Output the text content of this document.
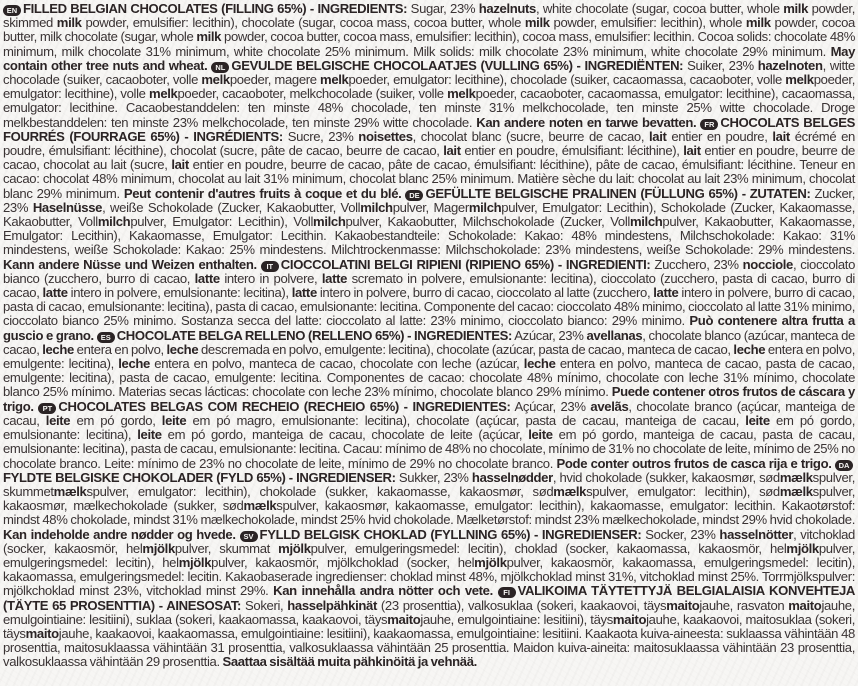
EN FILLED BELGIAN CHOCOLATES (FILLING 65%) - INGREDIENTS: Sugar, 23% hazelnuts, white chocolate (sugar, cocoa butter, whole milk powder, skimmed milk powder, emulsifier: lecithin), chocolate (sugar, cocoa mass, cocoa butter, whole milk powder, emulsifier: lecithin), whole milk powder, cocoa butter, milk chocolate (sugar, whole milk powder, cocoa butter, cocoa mass, emulsifier: lecithin), cocoa mass, emulsifier: lecithin. Cocoa solids: chocolate 48% minimum, milk chocolate 31% minimum, white chocolate 25% minimum. Milk solids: milk chocolate 23% minimum, white chocolate 29% minimum. May contain other tree nuts and wheat. NL GEVULDE BELGISCHE CHOCOLAATJES (VULLING 65%) - INGREDIËNTEN: Suiker, 23% hazelnoten, witte chocolade (suiker, cacaoboter, volle melkpoeder, magere melkpoeder, emulgator: lecithine), chocolade (suiker, cacaomassa, cacaoboter, volle melkpoeder, emulgator: lecithine), volle melkpoeder, cacaoboter, melkchocolade (suiker, volle melkpoeder, cacaoboter, cacaomassa, emulgator: lecithine), cacaomassa, emulgator: lecithine. Cacaobestanddelen: ten minste 48% chocolade, ten minste 31% melkchocolade, ten minste 25% witte chocolade. Droge melkbestanddelen: ten minste 23% melkchocolade, ten minste 29% witte chocolade. Kan andere noten en tarwe bevatten. FR CHOCOLATS BELGES FOURRÉS (FOURRAGE 65%) - INGRÉDIENTS: Sucre, 23% noisettes, chocolat blanc (sucre, beurre de cacao, lait entier en poudre, lait écrémé en poudre, émulsifiant: lécithine), chocolat (sucre, pâte de cacao, beurre de cacao, lait entier en poudre, émulsifiant: lécithine), lait entier en poudre, beurre de cacao, chocolat au lait (sucre, lait entier en poudre, beurre de cacao, pâte de cacao, émulsifiant: lécithine), pâte de cacao, émulsifiant: lécithine. Teneur en cacao: chocolat 48% minimum, chocolat au lait 31% minimum, chocolat blanc 25% minimum. Matière sèche du lait: chocolat au lait 23% minimum, chocolat blanc 29% minimum. Peut contenir d'autres fruits à coque et du blé. DE GEFÜLLTE BELGISCHE PRALINEN (FÜLLUNG 65%) - ZUTATEN: Zucker, 23% Haselnüsse, weiße Schokolade (Zucker, Kakaobutter, Vollmilchpulver, Magermilchpulver, Emulgator: Lecithin), Schokolade (Zucker, Kakaomasse, Kakaobutter, Vollmilchpulver, Emulgator: Lecithin), Vollmilchpulver, Kakaobutter, Milchschokolade (Zucker, Vollmilchpulver, Kakaobutter, Kakaomasse, Emulgator: Lecithin), Kakaomasse, Emulgator: Lecithin. Kakaobestandteile: Schokolade: Kakao: 48% mindestens, Milchschokolade: Kakao: 31% mindestens, weiße Schokolade: Kakao: 25% mindestens. Milchtrockenmasse: Milchschokolade: 23% mindestens, weiße Schokolade: 29% mindestens. Kann andere Nüsse und Weizen enthalten. IT CIOCCOLATINI BELGI RIPIENI (RIPIENO 65%) - INGREDIENTI: Zucchero, 23% nocciole, cioccolato bianco (zucchero, burro di cacao, latte intero in polvere, latte scremato in polvere, emulsionante: lecitina), cioccolato (zucchero, pasta di cacao, burro di cacao, latte intero in polvere, emulsionante: lecitina), latte intero in polvere, burro di cacao, cioccolato al latte (zucchero, latte intero in polvere, burro di cacao, pasta di cacao, emulsionante: lecitina), pasta di cacao, emulsionante: lecitina. Componente del cacao: cioccolato 48% minimo, cioccolato al latte 31% minimo, cioccolato bianco 25% minimo. Sostanza secca del latte: cioccolato al latte: 23% minimo, cioccolato bianco: 29% minimo. Può contenere altra frutta a guscio e grano. ES CHOCOLATE BELGA RELLENO (RELLENO 65%) - INGREDIENTES: Azúcar, 23% avellanas, chocolate blanco (azúcar, manteca de cacao, leche entera en polvo, leche descremada en polvo, emulgente: lecitina), chocolate (azúcar, pasta de cacao, manteca de cacao, leche entera en polvo, emulgente: lecitina), leche entera en polvo, manteca de cacao, chocolate con leche (azúcar, leche entera en polvo, manteca de cacao, pasta de cacao, emulgente: lecitina), pasta de cacao, emulgente: lecitina. Componentes de cacao: chocolate 48% mínimo, chocolate con leche 31% mínimo, chocolate blanco 25% mínimo. Materias secas lácticas: chocolate con leche 23% mínimo, chocolate blanco 29% mínimo. Puede contener otros frutos de cáscara y trigo. PT CHOCOLATES BELGAS COM RECHEIO (RECHEIO 65%) - INGREDIENTES: Açúcar, 23% avelãs, chocolate branco (açúcar, manteiga de cacau, leite em pó gordo, leite em pó magro, emulsionante: lecitina), chocolate (açúcar, pasta de cacau, manteiga de cacau, leite em pó gordo, emulsionante: lecitina), leite em pó gordo, manteiga de cacau, chocolate de leite (açúcar, leite em pó gordo, manteiga de cacau, pasta de cacau, emulsionante: lecitina), pasta de cacau, emulsionante: lecitina. Cacau: mínimo de 48% no chocolate, mínimo de 31% no chocolate de leite, mínimo de 25% no chocolate branco. Leite: mínimo de 23% no chocolate de leite, mínimo de 29% no chocolate branco. Pode conter outros frutos de casca rija e trigo. DAFYLDTE BELGISKE CHOKOLADER (FYLD 65%) - INGREDIENSER: Sukker, 23% hasselnødder, hvid chokolade (sukker, kakaosmør, sødmælkspulver, skummetmælkspulver, emulgator: lecithin), chokolade (sukker, kakaomasse, kakaosmør, sødmælkspulver, emulgator: lecithin), sødmælkspulver, kakaosmør, mælkechokolade (sukker, sødmælkspulver, kakaosmør, kakaomasse, emulgator: lecithin), kakaomasse, emulgator: lecithin. Kakaotørstof: mindst 48% chokolade, mindst 31% mælkechokolade, mindst 25% hvid chokolade. Mælketørstof: mindst 23% mælkechokolade, mindst 29% hvid chokolade. Kan indeholde andre nødder og hvede. SV FYLLD BELGISK CHOKLAD (FYLLNING 65%) - INGREDIENSER: Socker, 23% hasselnötter, vitchoklad (socker, kakaosmör, helmjölkpulver, skummat mjölkpulver, emulgeringsmedel: lecitin), choklad (socker, kakaomassa, kakaosmör, helmjölkpulver, emulgeringsmedel: lecitin), helmjölkpulver, kakaosmör, mjölkchoklad (socker, helmjölkpulver, kakaosmör, kakaomassa, emulgeringsmedel: lecitin), kakaomassa, emulgeringsmedel: lecitin. Kakaobaserade ingredienser: choklad minst 48%, mjölkchoklad minst 31%, vitchoklad minst 25%. Torrmjölkspulver: mjölkchoklad minst 23%, vitchoklad minst 29%. Kan innehålla andra nötter och vete. FI VALIKOIMA TÄYTETTYJÄ BELGIALAISIA KONVEHTEJA (TÄYTE 65 PROSENTTIA) - AINESOSAT: Sokeri, hasselpähkinät (23 prosenttia), valkosuklaa (sokeri, kaakaovoi, täysmaitojauhe, rasvaton maitojauhe, emulgointiaine: lesitiini), suklaa (sokeri, kaakaomassa, kaakaovoi, täysmaitojauhe, emulgointiaine: lesitiini), täysmaitojauhe, kaakaovoi, maitosuklaa (sokeri, täysmaitojauhe, kaakaovoi, kaakaomassa, emulgointiaine: lesitiini), kaakaomassa, emulgointiaine: lesitiini. Kaakaota kuiva-aineesta: suklaassa vähintään 48 prosenttia, maitosuklaassa vähintään 31 prosenttia, valkosuklaassa vähintään 25 prosenttia. Maidon kuiva-aineita: maitosuklaassa vähintään 23 prosenttia, valkosuklaassa vähintään 29 prosenttia. Saattaa sisältää muita pähkinöitä ja vehnää.
